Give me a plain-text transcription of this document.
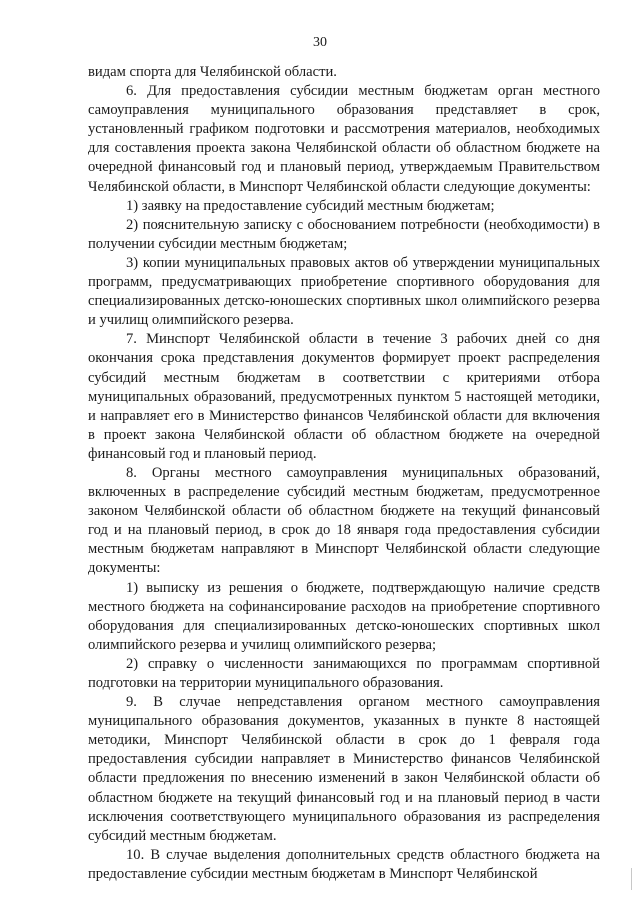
30

видам спорта для Челябинской области.

6. Для предоставления субсидии местным бюджетам орган местного самоуправления муниципального образования представляет в срок, установленный графиком подготовки и рассмотрения материалов, необходимых для составления проекта закона Челябинской области об областном бюджете на очередной финансовый год и плановый период, утверждаемым Правительством Челябинской области, в Минспорт Челябинской области следующие документы:

1) заявку на предоставление субсидий местным бюджетам;

2) пояснительную записку с обоснованием потребности (необходимости) в получении субсидии местным бюджетам;

3) копии муниципальных правовых актов об утверждении муниципальных программ, предусматривающих приобретение спортивного оборудования для специализированных детско-юношеских спортивных школ олимпийского резерва и училищ олимпийского резерва.

7. Минспорт Челябинской области в течение 3 рабочих дней со дня окончания срока представления документов формирует проект распределения субсидий местным бюджетам в соответствии с критериями отбора муниципальных образований, предусмотренных пунктом 5 настоящей методики, и направляет его в Министерство финансов Челябинской области для включения в проект закона Челябинской области об областном бюджете на очередной финансовый год и плановый период.

8. Органы местного самоуправления муниципальных образований, включенных в распределение субсидий местным бюджетам, предусмотренное законом Челябинской области об областном бюджете на текущий финансовый год и на плановый период, в срок до 18 января года предоставления субсидии местным бюджетам направляют в Минспорт Челябинской области следующие документы:

1) выписку из решения о бюджете, подтверждающую наличие средств местного бюджета на софинансирование расходов на приобретение спортивного оборудования для специализированных детско-юношеских спортивных школ олимпийского резерва и училищ олимпийского резерва;

2) справку о численности занимающихся по программам спортивной подготовки на территории муниципального образования.

9. В случае непредставления органом местного самоуправления муниципального образования документов, указанных в пункте 8 настоящей методики, Минспорт Челябинской области в срок до 1 февраля года предоставления субсидии направляет в Министерство финансов Челябинской области предложения по внесению изменений в закон Челябинской области об областном бюджете на текущий финансовый год и на плановый период в части исключения соответствующего муниципального образования из распределения субсидий местным бюджетам.

10. В случае выделения дополнительных средств областного бюджета на предоставление субсидии местным бюджетам в Минспорт Челябинской
